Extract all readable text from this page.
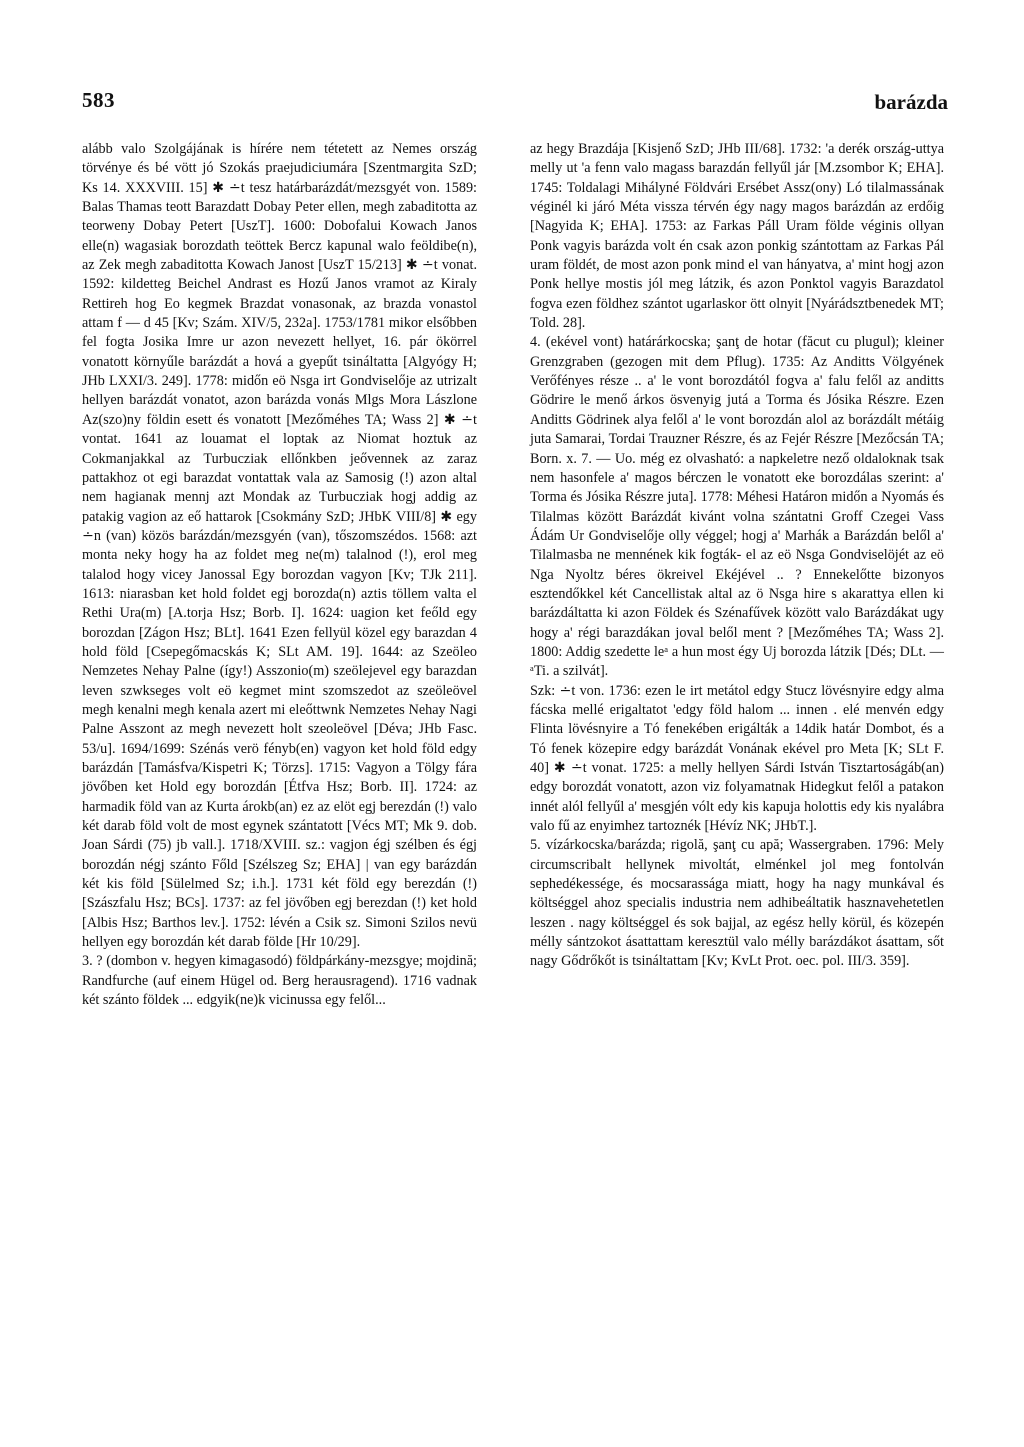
583	barázda

alább valo Szolgájának is hírére nem tétetett az Nemes ország törvénye és bé vött jó Szokás praejudiciumára [Szentmargita SzD; Ks 14. XXXVIII. 15] ✱ ∸t tesz határbarázdát/mezsgyét von. 1589: Balas Thamas teott Barazdatt Dobay Peter ellen, megh zabaditotta az teorweny Dobay Petert [UszT]. 1600: Dobofalui Kowach Janos elle(n) wagasiak borozdath teöttek Bercz kapunal walo feöldibe(n), az Zek megh zabaditotta Kowach Janost [UszT 15/213] ✱ ∸t vonat. 1592: kildetteg Beichel Andrast es Hozű Janos vramot az Kiraly Rettireh hog Eo kegmek Brazdat vonasonak, az brazda vonastol attam f — d 45 [Kv; Szám. XIV/5, 232a]. 1753/1781 mikor elsőbben fel fogta Josika Imre ur azon nevezett hellyet, 16. pár ökörrel vonatott környűle barázdát a hová a gyepűt tsináltatta [Algyógy H; JHb LXXI/3. 249]. 1778: midőn eö Nsga irt Gondviselője az utrizalt hellyen barázdát vonatot, azon barázda vonás Mlgs Mora Lászlone Az(szo)ny földin esett és vonatott [Mezőméhes TA; Wass 2] ✱ ∸t vontat. 1641 az louamat el loptak az Niomat hoztuk az Cokmanjakkal az Turbucziak ellőnkben jeővennek az zaraz pattakhoz ot egi barazdat vontattak vala az Samosig (!) azon altal nem hagianak mennj azt Mondak az Turbucziak hogj addig az patakig vagion az eő hattarok [Csokmány SzD; JHbK VIII/8] ✱ egy ∸n (van) közös barázdán/mezsgyén (van), tőszomszédos. 1568: azt monta neky hogy ha az foldet meg ne(m) talalnod (!), erol meg talalod hogy vicey Janossal Egy borozdan vagyon [Kv; TJk 211]. 1613: niarasban ket hold foldet egj borozda(n) aztis töllem valta el Rethi Ura(m) [A.torja Hsz; Borb. I]. 1624: uagion ket feőld egy borozdan [Zágon Hsz; BLt]. 1641 Ezen fellyül közel egy barazdan 4 hold föld [Csepegőmacskás K; SLt AM. 19]. 1644: az Szeöleo Nemzetes Nehay Palne (így!) Asszonio(m) szeölejevel egy barazdan leven szwkseges volt eö kegmet mint szomszedot az szeöleövel megh kenalni megh kenala azert mi eleőttwnk Nemzetes Nehay Nagi Palne Asszont az megh nevezett holt szeoleövel [Déva; JHb Fasc. 53/u]. 1694/1699: Szénás verö fényb(en) vagyon ket hold föld edgy barázdán [Tamásfva/Kispetri K; Törzs]. 1715: Vagyon a Tölgy fára jövőben ket Hold egy borozdán [Étfva Hsz; Borb. II]. 1724: az harmadik föld van az Kurta árokb(an) ez az elöt egj berezdán (!) valo két darab föld volt de most egynek szántatott [Vécs MT; Mk 9. dob. Joan Sárdi (75) jb vall.]. 1718/XVIII. sz.: vagjon égj szélben és égj borozdán négj szánto Főld [Szélszeg Sz; EHA] | van egy barázdán két kis föld [Sülelmed Sz; i.h.]. 1731 két föld egy berezdán (!) [Szászfalu Hsz; BCs]. 1737: az fel jövőben egj berezdan (!) ket hold [Albis Hsz; Barthos lev.]. 1752: lévén a Csik sz. Simoni Szilos nevü hellyen egy borozdán két darab földe [Hr 10/29].

3. ? (dombon v. hegyen kimagasodó) földpárkány-mezsgye; mojdină; Randfurche (auf einem Hügel od. Berg herausragend). 1716 vadnak két szánto földek ... edgyik(ne)k vicinussa egy felől...

az hegy Brazdája [Kisjenő SzD; JHb III/68]. 1732: 'a derék ország-uttya melly ut 'a fenn valo magass barazdán fellyűl jár [M.zsombor K; EHA]. 1745: Toldalagi Mihályné Földvári Ersébet Assz(ony) Ló tilalmassának véginél ki járó Méta vissza térvén égy nagy magos barázdán az erdőig [Nagyida K; EHA]. 1753: az Farkas Páll Uram földe véginis ollyan Ponk vagyis barázda volt én csak azon ponkig szántottam az Farkas Pál uram földét, de most azon ponk mind el van hányatva, a' mint hogj azon Ponk hellye mostis jól meg látzik, és azon Ponktol vagyis Barazdatol fogva ezen földhez szántot ugarlaskor ött olnyit [Nyárádsztbenedek MT; Told. 28].

4. (ekével vont) határárkocska; şanţ de hotar (făcut cu plugul); kleiner Grenzgraben (gezogen mit dem Pflug). 1735: Az Anditts Völgyének Verőfényes része .. a' le vont borozdától fogva a' falu felől az anditts Gödrire le menő árkos ösvenyig jutá a Torma és Jósika Részre. Ezen Anditts Gödrinek alya felől a' le vont borozdán alol az borázdált métáig juta Samarai, Tordai Trauzner Részre, és az Fejér Részre [Mezőcsán TA; Born. x. 7. — Uo. még ez olvasható: a napkeletre nező oldaloknak tsak nem hasonfele a' magos bérczen le vonatott eke borozdálas szerint: a' Torma és Jósika Részre juta]. 1778: Méhesi Határon midőn a Nyomás és Tilalmas között Barázdát kivánt volna szántatni Groff Czegei Vass Ádám Ur Gondviselője olly véggel; hogj a' Marhák a Barázdán belől a' Tilalmasba ne mennének kik fogták- el az eö Nsga Gondviselöjét az eö Nga Nyoltz béres ökreivel Ekéjével .. ? Ennekelőtte bizonyos esztendőkkel két Cancellistak altal az ö Nsga hire s akarattya ellen ki barázdáltatta ki azon Földek és Szénafűvek között valo Barázdákat ugy hogy a' régi barazdákan joval belől ment ? [Mezőméhes TA; Wass 2]. 1800: Addig szedette leᵃ a hun most égy Uj borozda látzik [Dés; DLt. — ᵃTi. a szilvát].

Szk: ∸t von. 1736: ezen le irt metátol edgy Stucz lövésnyire edgy alma fácska mellé erigaltatot 'edgy föld halom ... innen . elé menvén edgy Flinta lövésnyire a Tó fenekében erigálták a 14dik határ Dombot, és a Tó fenek közepire edgy barázdát Vonának ekével pro Meta [K; SLt F. 40] ✱ ∸t vonat. 1725: a melly hellyen Sárdi István Tisztartoságáb(an) edgy borozdát vonatott, azon viz folyamatnak Hidegkut felől a patakon innét alól fellyűl a' mesgjén vólt edy kis kapuja holottis edy kis nyalábra valo fű az enyimhez tartoznék [Hévíz NK; JHbT.].

5. vízárkocska/barázda; rigolă, şanţ cu apă; Wassergraben. 1796: Mely circumscribalt hellynek mivoltát, elménkel jol meg fontolván sephedékessége, és mocsarassága miatt, hogy ha nagy munkával és költséggel ahoz specialis industria nem adhibeáltatik hasznavehetetlen leszen . nagy költséggel és sok bajjal, az egész helly körül, és közepén mélly sántzokot ásattattam keresztül valo mélly barázdákot ásattam, sőt nagy Gődrőkőt is tsináltattam [Kv; KvLt Prot. oec. pol. III/3. 359].
